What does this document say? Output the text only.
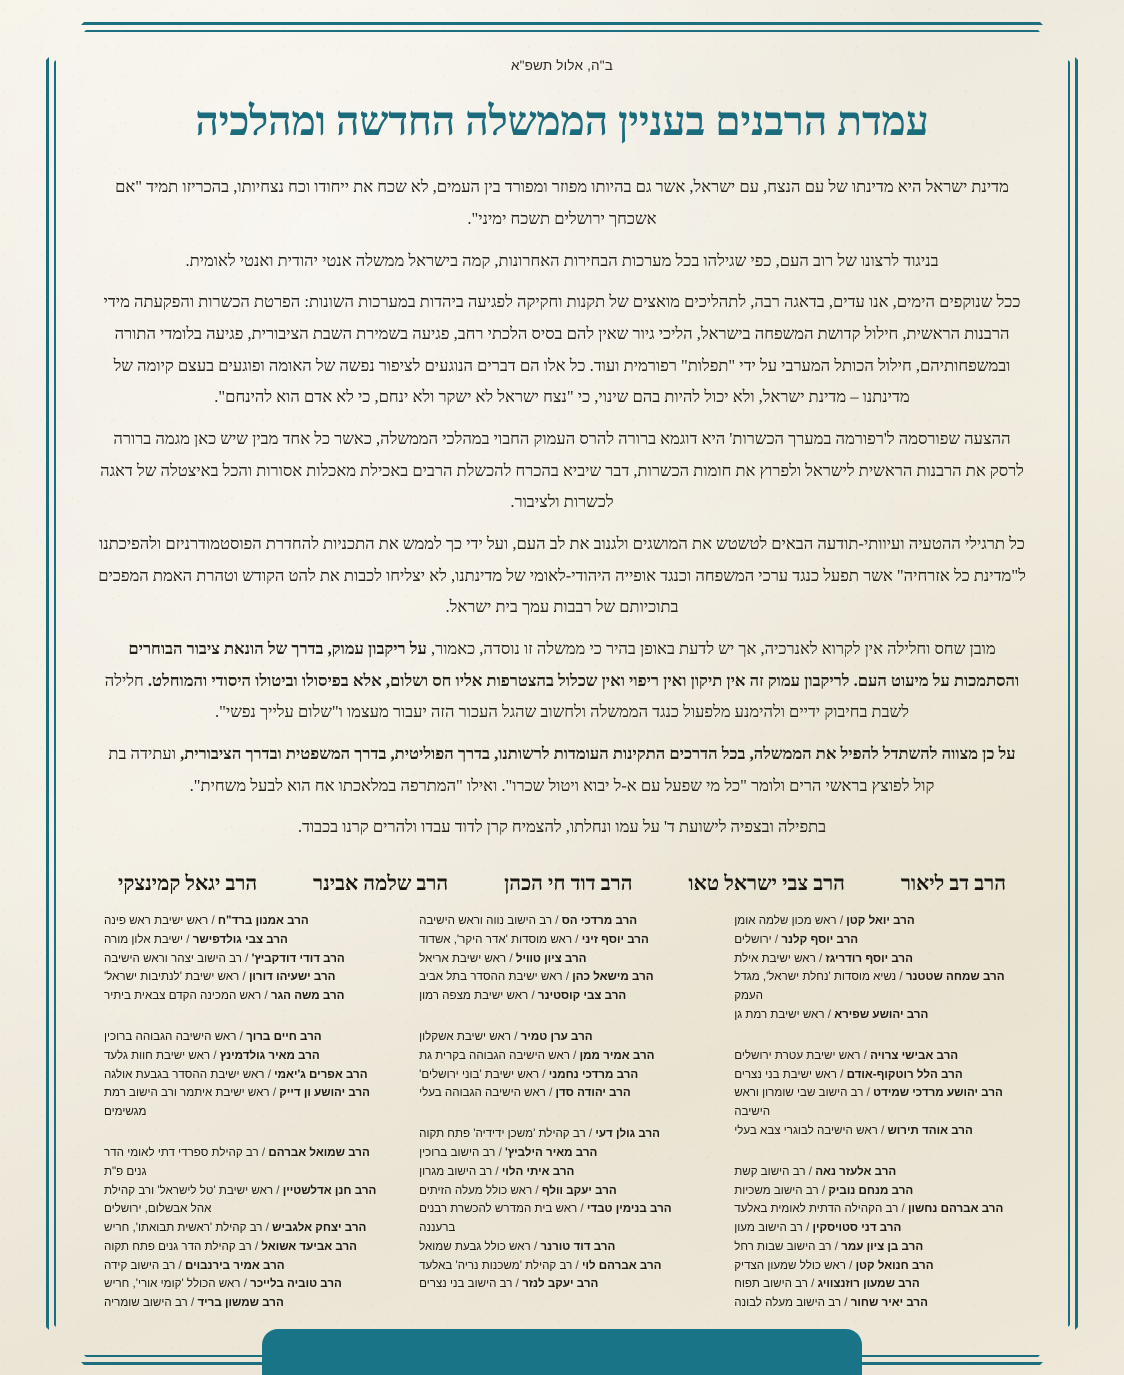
ב"ה, אלול תשפ"א
עמדת הרבנים בעניין הממשלה החדשה ומהלכיה

מדינת ישראל היא מדינתו של עם הנצח, עם ישראל, אשר גם בהיותו מפוזר ומפורד בין העמים, לא שכח את ייחודו וכח נצחיותו, בהכריזו תמיד "אם אשכחך ירושלים תשכח ימיני".

בניגוד לרצונו של רוב העם, כפי שגילהו בכל מערכות הבחירות האחרונות, קמה בישראל ממשלה אנטי יהודית ואנטי לאומית.

ככל שנוקפים הימים, אנו עדים, בדאגה רבה, לתהליכים מואצים של תקנות וחקיקה לפגיעה ביהדות במערכות השונות: הפרטת הכשרות והפקעתה מידי הרבנות הראשית, חילול קדושת המשפחה בישראל, הליכי גיור שאין להם בסיס הלכתי רחב, פגיעה בשמירת השבת הציבורית, פגיעה בלומדי התורה ובמשפחותיהם, חילול הכותל המערבי על ידי "תפלות" רפורמית ועוד. כל אלו הם דברים הנוגעים לציפור נפשה של האומה ופוגעים בעצם קיומה של מדינתנו – מדינת ישראל, ולא יכול להיות בהם שינוי, כי "נצח ישראל לא ישקר ולא ינחם, כי לא אדם הוא להינחם".

ההצעה שפורסמה ל'רפורמה במערך הכשרות' היא דוגמא ברורה להרס העמוק החבוי במהלכי הממשלה, כאשר כל אחד מבין שיש כאן מגמה ברורה לרסק את הרבנות הראשית לישראל ולפרוץ את חומות הכשרות, דבר שיביא בהכרח להכשלת הרבים באכילת מאכלות אסורות והכל באיצטלה של דאגה לכשרות ולציבור.

כל תרגילי ההטעיה ועיוותי-תודעה הבאים לטשטש את המושגים ולגנוב את לב העם, ועל ידי כך לממש את התכניות להחדרת הפוסטמודרניזם ולהפיכתנו ל"מדינת כל אזרחיה" אשר תפעל כנגד ערכי המשפחה וכנגד אופייה היהודי-לאומי של מדינתנו, לא יצליחו לכבות את להט הקודש וטהרת האמת המפכים בתוכיותם של רבבות עמך בית ישראל.

מובן שחס וחלילה אין לקרוא לאנרכיה, אך יש לדעת באופן בהיר כי ממשלה זו נוסדה, כאמור, על ריקבון עמוק, בדרך של הונאת ציבור הבוחרים והסתמכות על מיעוט העם. לריקבון עמוק זה אין תיקון ואין ריפוי ואין שכלול בהצטרפות אליו חס ושלום, אלא בפיסולו וביטולו היסודי והמוחלט. חלילה לשבת בחיבוק ידיים ולהימנע מלפעול כנגד הממשלה ולחשוב שהגל העכור הזה יעבור מעצמו ו"שלום עלייך נפשי".

על כן מצווה להשתדל להפיל את הממשלה, בכל הדרכים התקינות העומדות לרשותנו, בדרך הפוליטית, בדרך המשפטית ובדרך הציבורית, ועתידה בת קול לפוצץ בראשי הרים ולומר "כל מי שפעל עם א-ל יבוא ויטול שכרו". ואילו "המתרפה במלאכתו אח הוא לבעל משחית".

בתפילה ובצפיה לישועת ד' על עמו ונחלתו, להצמיח קרן לדוד עבדו ולהרים קרנו בכבוד.

הרב דב ליאור
הרב צבי ישראל טאו
הרב דוד חי הכהן
הרב שלמה אבינר
הרב יגאל קמינצקי
הרב יואל קטן / ראש מכון שלמה אומן
הרב יוסף קלנר / ירושלים
הרב יוסף רודריגז / ראש ישיבת אילת
הרב שמחה שטטנר / נשיא מוסדות 'נחלת ישראל', מגדל העמק
הרב יהושע שפירא / ראש ישיבת רמת גן
הרב אבישי צרויה / ראש ישיבת עטרת ירושלים
הרב הלל רוטקוף-אודם / ראש ישיבת בני נצרים
הרב יהושע מרדכי שמידט / רב הישוב שבי שומרון וראש הישיבה
הרב אוהד תירוש / ראש הישיבה לבוגרי צבא בעלי
הרב אלעזר נאה / רב הישוב קשת
הרב מנחם נוביק / רב הישוב משכיות
הרב אברהם נחשון / רב הקהילה הדתית לאומית באלעד
הרב דני סטויסקין / רב הישוב מעון
הרב בן ציון עמר / רב הישוב שבות רחל
הרב חנואל קטן / ראש כולל שמעון הצדיק
הרב שמעון רוזנצוויג / רב הישוב תפוח
הרב יאיר שחור / רב הישוב מעלה לבונה
הרב מרדכי הס / רב הישוב נווה וראש הישיבה
הרב יוסף זיני / ראש מוסדות 'אדר היקר', אשדוד
הרב ציון טוויל / ראש ישיבת אריאל
הרב מישאל כהן / ראש ישיבת ההסדר בתל אביב
הרב צבי קוסטינר / ראש ישיבת מצפה רמון
הרב ערן טמיר / ראש ישיבת אשקלון
הרב אמיר ממן / ראש הישיבה הגבוהה בקרית גת
הרב מרדכי נחמני / ראש ישיבת 'בוני ירושלים'
הרב יהודה סדן / ראש הישיבה הגבוהה בעלי
הרב גולן דעי / רב קהילת 'משכן ידידיה' פתח תקוה
הרב מאיר הילביץ' / רב הישוב ברוכין
הרב איתי הלוי / רב הישוב מגרון
הרב יעקב וולף / ראש כולל מעלה הזיתים
הרב בנימין טבדי / ראש בית המדרש להכשרת רבנים ברעננה
הרב דוד טורנר / ראש כולל גבעת שמואל
הרב אברהם לוי / רב קהילת 'משכנות נריה' באלעד
הרב יעקב לנזר / רב הישוב בני נצרים
הרב אמנון ברד"ח / ראש ישיבת ראש פינה
הרב צבי גולדפישר / ישיבת אלון מורה
הרב דודי דודקביץ' / רב הישוב יצהר וראש הישיבה
הרב ישעיהו דורון / ראש ישיבת 'לנתיבות ישראל'
הרב משה הגר / ראש המכינה הקדם צבאית ביתיר
הרב חיים ברוך / ראש הישיבה הגבוהה ברוכין
הרב מאיר גולדמינץ / ראש ישיבת חוות גלעד
הרב אפרים ג'יאמי / ראש ישיבת ההסדר בגבעת אולגה
הרב יהושע ון דייק / ראש ישיבת איתמר ורב הישוב רמת מגשימים
הרב שמואל אברהם / רב קהילת ספרדי דתי לאומי הדר גנים פ"ת
הרב חנן אדלשטיין / ראש ישיבת 'טל לישראל' ורב קהילת אהל אבשלום, ירושלים
הרב יצחק אלגביש / רב קהילת 'ראשית תבואתו', חריש
הרב אביעד אשואל / רב קהילת הדר גנים פתח תקוה
הרב אמיר בירנבוים / רב הישוב קידה
הרב טוביה בלייכר / ראש הכולל 'קומי אורי', חריש
הרב שמשון בריד / רב הישוב שומריה
